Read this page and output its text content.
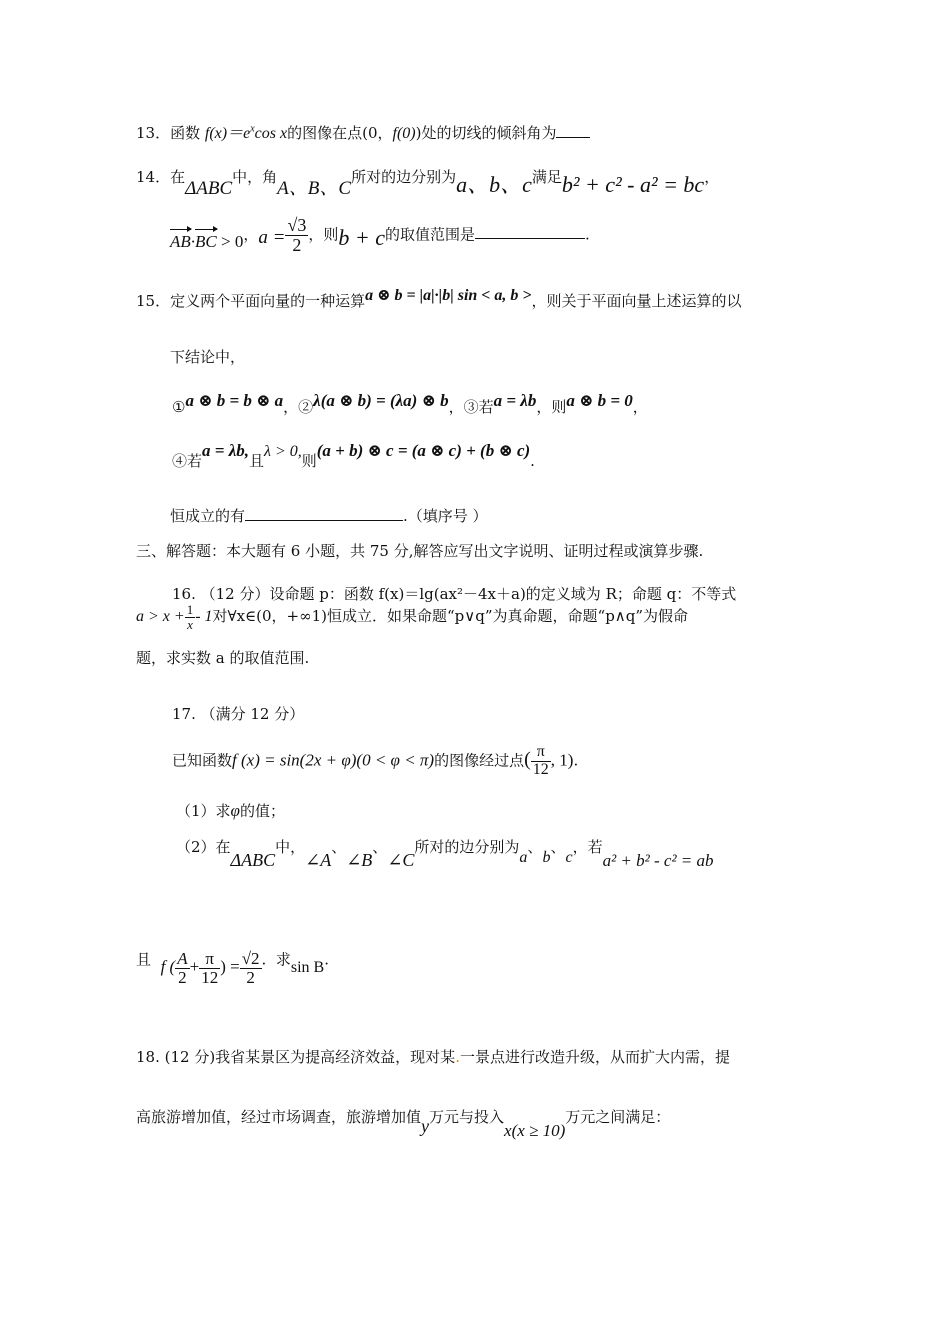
13．函数 $f(x)=e^x\cos$ x的图像在点(0，f(0))处的切线的倾斜角为
14．在ΔABC中，角A、B、C所对的边分别为a、b、c满足b² + c² - a² = bc，
AB·BC > 0，$a = \frac{√3}{2}$ ，则b + c的取值范围是	.
15．定义两个平面向量的一种运算a ⊗ b = |a|·|b| sin < a, b >，则关于平面向量上述运算的以
下结论中，
①a ⊗ b = b ⊗ a，②λ(a ⊗ b) = (λa) ⊗ b，③若a = λb，则a ⊗ b = 0，
④若a = λb,且λ > 0,则(a + b) ⊗ c = (a ⊗ c) + (b ⊗ c).
恒成立的有	.（填序号 ）
三、解答题：本大题有 6 小题，共 75 分,解答应写出文字说明、证明过程或演算步骤.
16. （12 分）设命题 p：函数 f(x)＝lg(ax²－4x＋a)的定义域为 R；命题 q：不等式
$a > x + \frac{1}{x} - 1$对∀x∈(0，+∞1)恒成立．如果命题“p∨q”为真命题，命题“p∧q”为假命
题，求实数 a 的取值范围.
17. （满分 12 分）
已知函数f (x) = sin(2x + φ)(0 < φ < π)的图像经过点( $\frac{\pi}{12}$ , 1).
（1）求φ的值；
（2）在ΔABC中，∠A、∠B、∠C所对的边分别为a、b、c，若a² + b² - c² = ab
且 f ( $\frac{A}{2} + \frac{\pi}{12}$ ) = $\frac{√2}{2}$ . 求sin B.
18. (12 分)我省某景区为提高经济效益，现对某.一景点进行改造升级，从而扩大内需，提
高旅游增加值，经过市场调查，旅游增加值y万元与投入x(x ≥ 10)万元之间满足：
